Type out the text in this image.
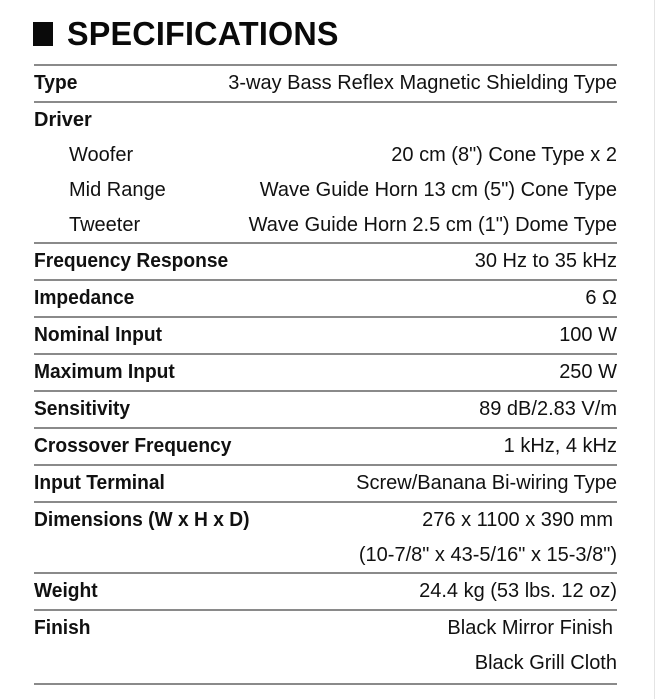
SPECIFICATIONS
Type	3-way Bass Reflex Magnetic Shielding Type
Driver
Woofer	20 cm (8") Cone Type x 2
Mid Range	Wave Guide Horn 13 cm (5") Cone Type
Tweeter	Wave Guide Horn 2.5 cm (1") Dome Type
Frequency Response	30 Hz to 35 kHz
Impedance	6 Ω
Nominal Input	100 W
Maximum Input	250 W
Sensitivity	89 dB/2.83 V/m
Crossover Frequency	1 kHz, 4 kHz
Input Terminal	Screw/Banana Bi-wiring Type
Dimensions (W x H x D)	276 x 1100 x 390 mm
(10-7/8" x 43-5/16" x 15-3/8")
Weight	24.4 kg (53 lbs. 12 oz)
Finish	Black Mirror Finish
Black Grill Cloth
